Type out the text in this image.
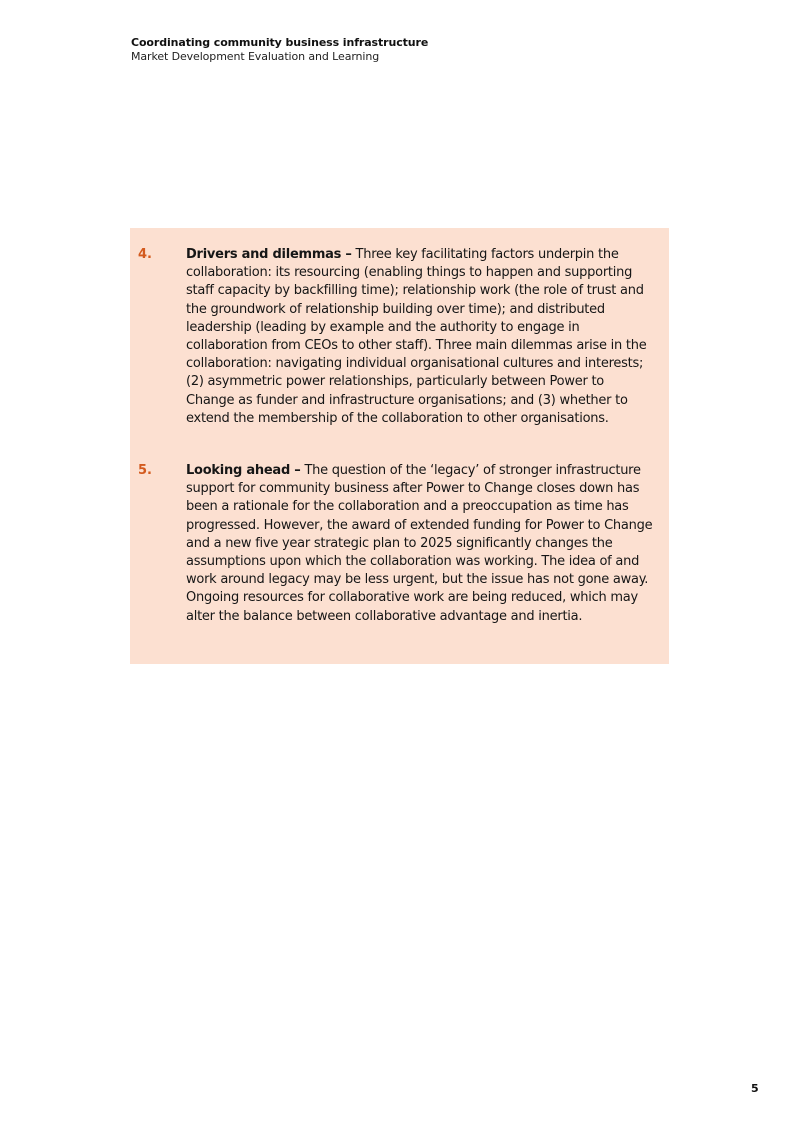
Coordinating community business infrastructure
Market Development Evaluation and Learning
4.	Drivers and dilemmas – Three key facilitating factors underpin the collaboration: its resourcing (enabling things to happen and supporting staff capacity by backfilling time); relationship work (the role of trust and the groundwork of relationship building over time); and distributed leadership (leading by example and the authority to engage in collaboration from CEOs to other staff). Three main dilemmas arise in the collaboration: navigating individual organisational cultures and interests; (2) asymmetric power relationships, particularly between Power to Change as funder and infrastructure organisations; and (3) whether to extend the membership of the collaboration to other organisations.
5.	Looking ahead – The question of the ‘legacy’ of stronger infrastructure support for community business after Power to Change closes down has been a rationale for the collaboration and a preoccupation as time has progressed. However, the award of extended funding for Power to Change and a new five year strategic plan to 2025 significantly changes the assumptions upon which the collaboration was working. The idea of and work around legacy may be less urgent, but the issue has not gone away. Ongoing resources for collaborative work are being reduced, which may alter the balance between collaborative advantage and inertia.
5
